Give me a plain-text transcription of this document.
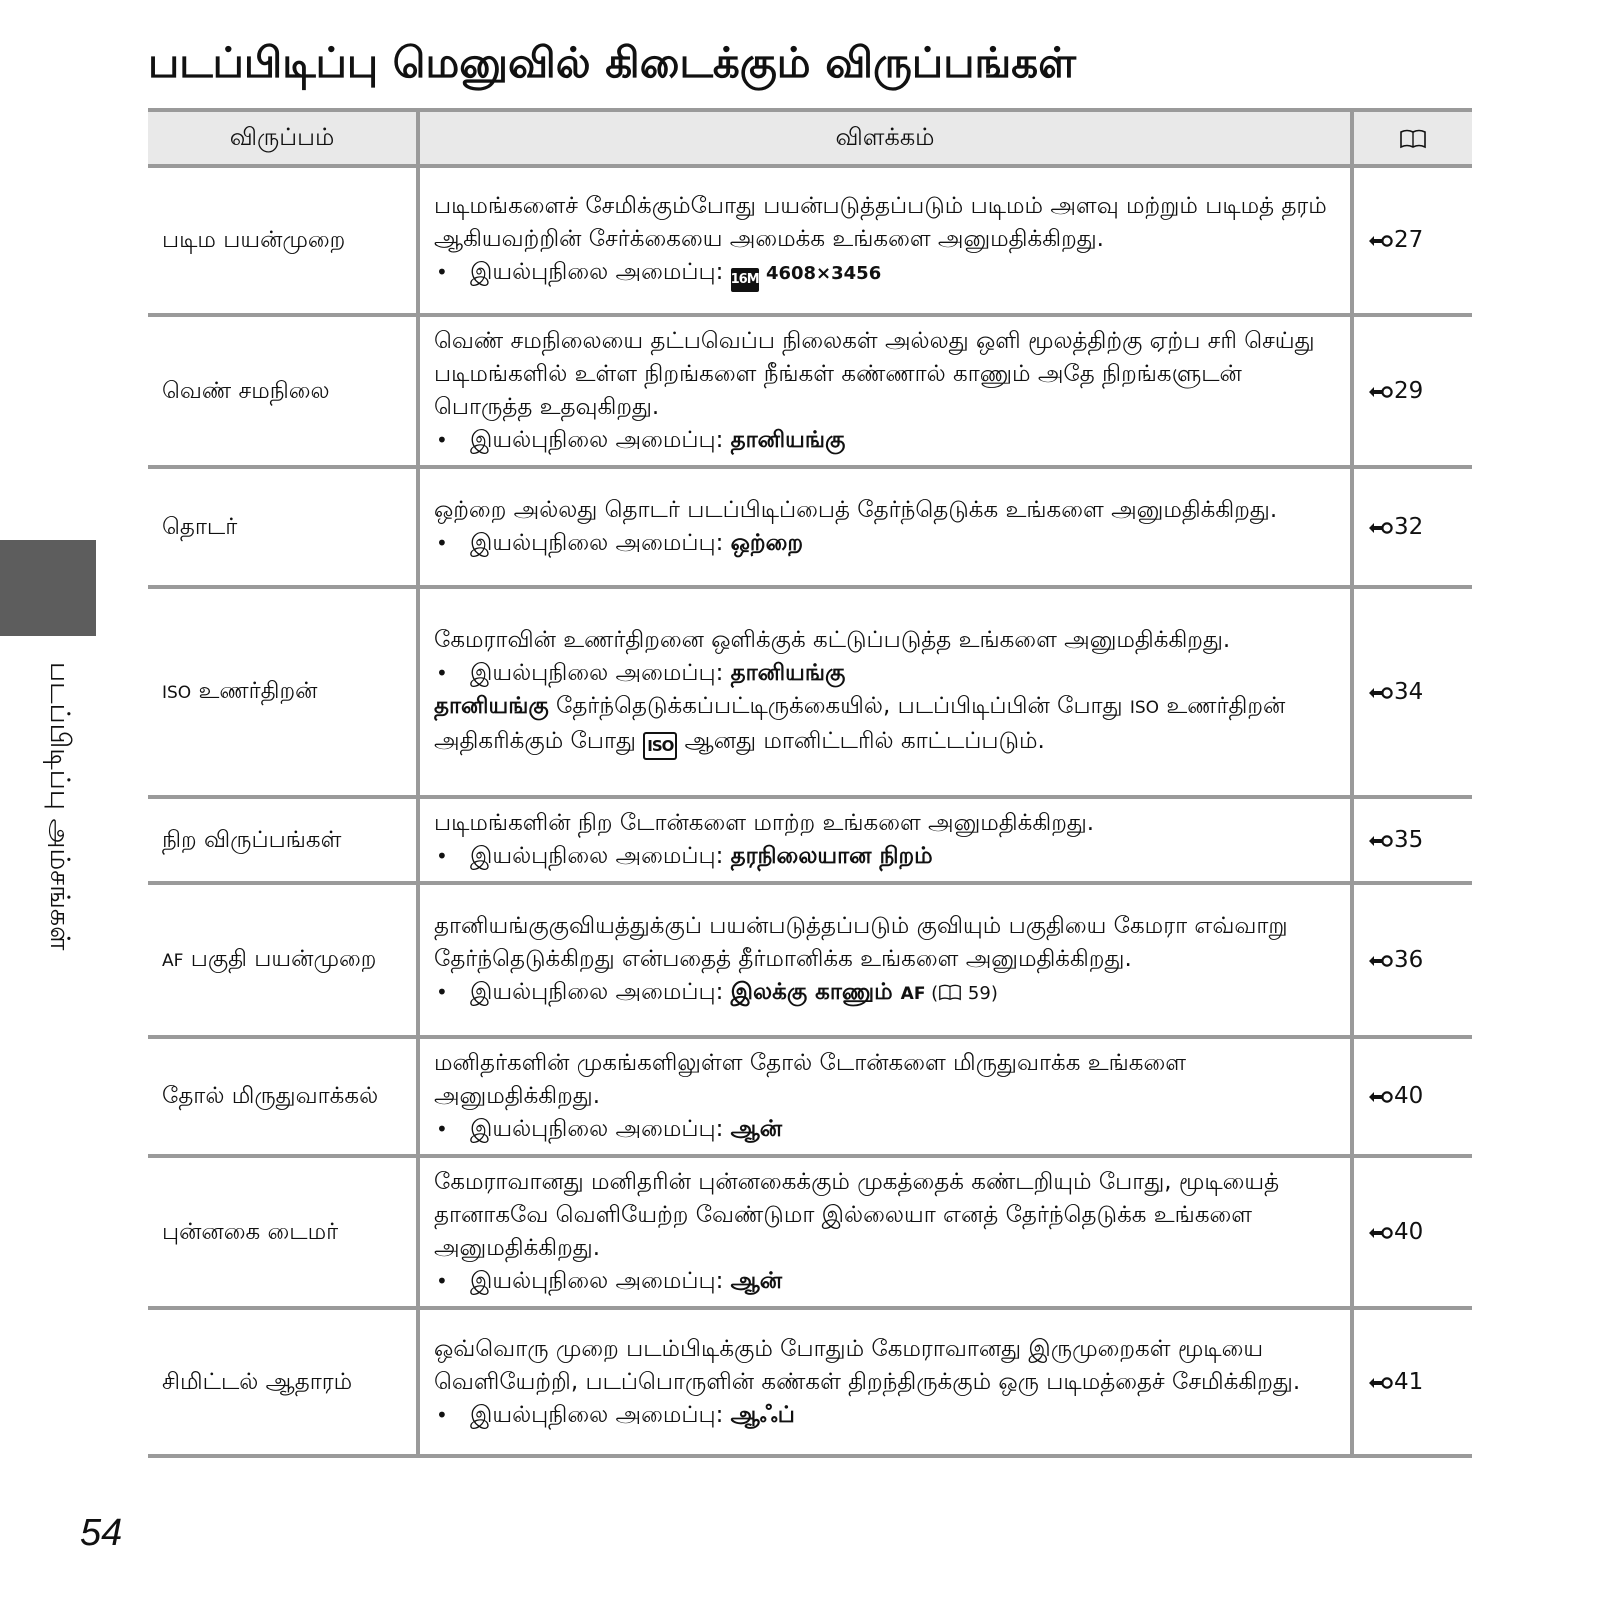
படப்பிடிப்பு மெனுவில் கிடைக்கும் விருப்பங்கள்
படப்பிடிப்பு அம்சங்கள்
விருப்பம்	விளக்கம்	
படிம பயன்முறை	படிமங்களைச் சேமிக்கும்போது பயன்படுத்தப்படும் படிமம் அளவு மற்றும் படிமத் தரம் ஆகியவற்றின் சேர்க்கையை அமைக்க உங்களை அனுமதிக்கிறது.
• இயல்புநிலை அமைப்பு: 16M 4608×3456	27
வெண் சமநிலை	வெண் சமநிலையை தட்பவெப்ப நிலைகள் அல்லது ஒளி மூலத்திற்கு ஏற்ப சரி செய்து படிமங்களில் உள்ள நிறங்களை நீங்கள் கண்ணால் காணும் அதே நிறங்களுடன் பொருத்த உதவுகிறது.
• இயல்புநிலை அமைப்பு: தானியங்கு	29
தொடர்	ஒற்றை அல்லது தொடர் படப்பிடிப்பைத் தேர்ந்தெடுக்க உங்களை அனுமதிக்கிறது.
• இயல்புநிலை அமைப்பு: ஒற்றை	32
ISO உணர்திறன்	கேமராவின் உணர்திறனை ஒளிக்குக் கட்டுப்படுத்த உங்களை அனுமதிக்கிறது.
• இயல்புநிலை அமைப்பு: தானியங்கு
தானியங்கு தேர்ந்தெடுக்கப்பட்டிருக்கையில், படப்பிடிப்பின் போது ISO உணர்திறன் அதிகரிக்கும் போது ISO ஆனது மானிட்டரில் காட்டப்படும்.	34
நிற விருப்பங்கள்	படிமங்களின் நிற டோன்களை மாற்ற உங்களை அனுமதிக்கிறது.
• இயல்புநிலை அமைப்பு: தரநிலையான நிறம்	35
AF பகுதி பயன்முறை	தானியங்குகுவியத்துக்குப் பயன்படுத்தப்படும் குவியும் பகுதியை கேமரா எவ்வாறு தேர்ந்தெடுக்கிறது என்பதைத் தீர்மானிக்க உங்களை அனுமதிக்கிறது.
• இயல்புநிலை அமைப்பு: இலக்கு காணும் AF ( 59)	36
தோல் மிருதுவாக்கல்	மனிதர்களின் முகங்களிலுள்ள தோல் டோன்களை மிருதுவாக்க உங்களை அனுமதிக்கிறது.
• இயல்புநிலை அமைப்பு: ஆன்	40
புன்னகை டைமர்	கேமராவானது மனிதரின் புன்னகைக்கும் முகத்தைக் கண்டறியும் போது, மூடியைத் தானாகவே வெளியேற்ற வேண்டுமா இல்லையா எனத் தேர்ந்தெடுக்க உங்களை அனுமதிக்கிறது.
• இயல்புநிலை அமைப்பு: ஆன்	40
சிமிட்டல் ஆதாரம்	ஒவ்வொரு முறை படம்பிடிக்கும் போதும் கேமராவானது இருமுறைகள் மூடியை வெளியேற்றி, படப்பொருளின் கண்கள் திறந்திருக்கும் ஒரு படிமத்தைச் சேமிக்கிறது.
• இயல்புநிலை அமைப்பு: ஆஃப்	41
54
